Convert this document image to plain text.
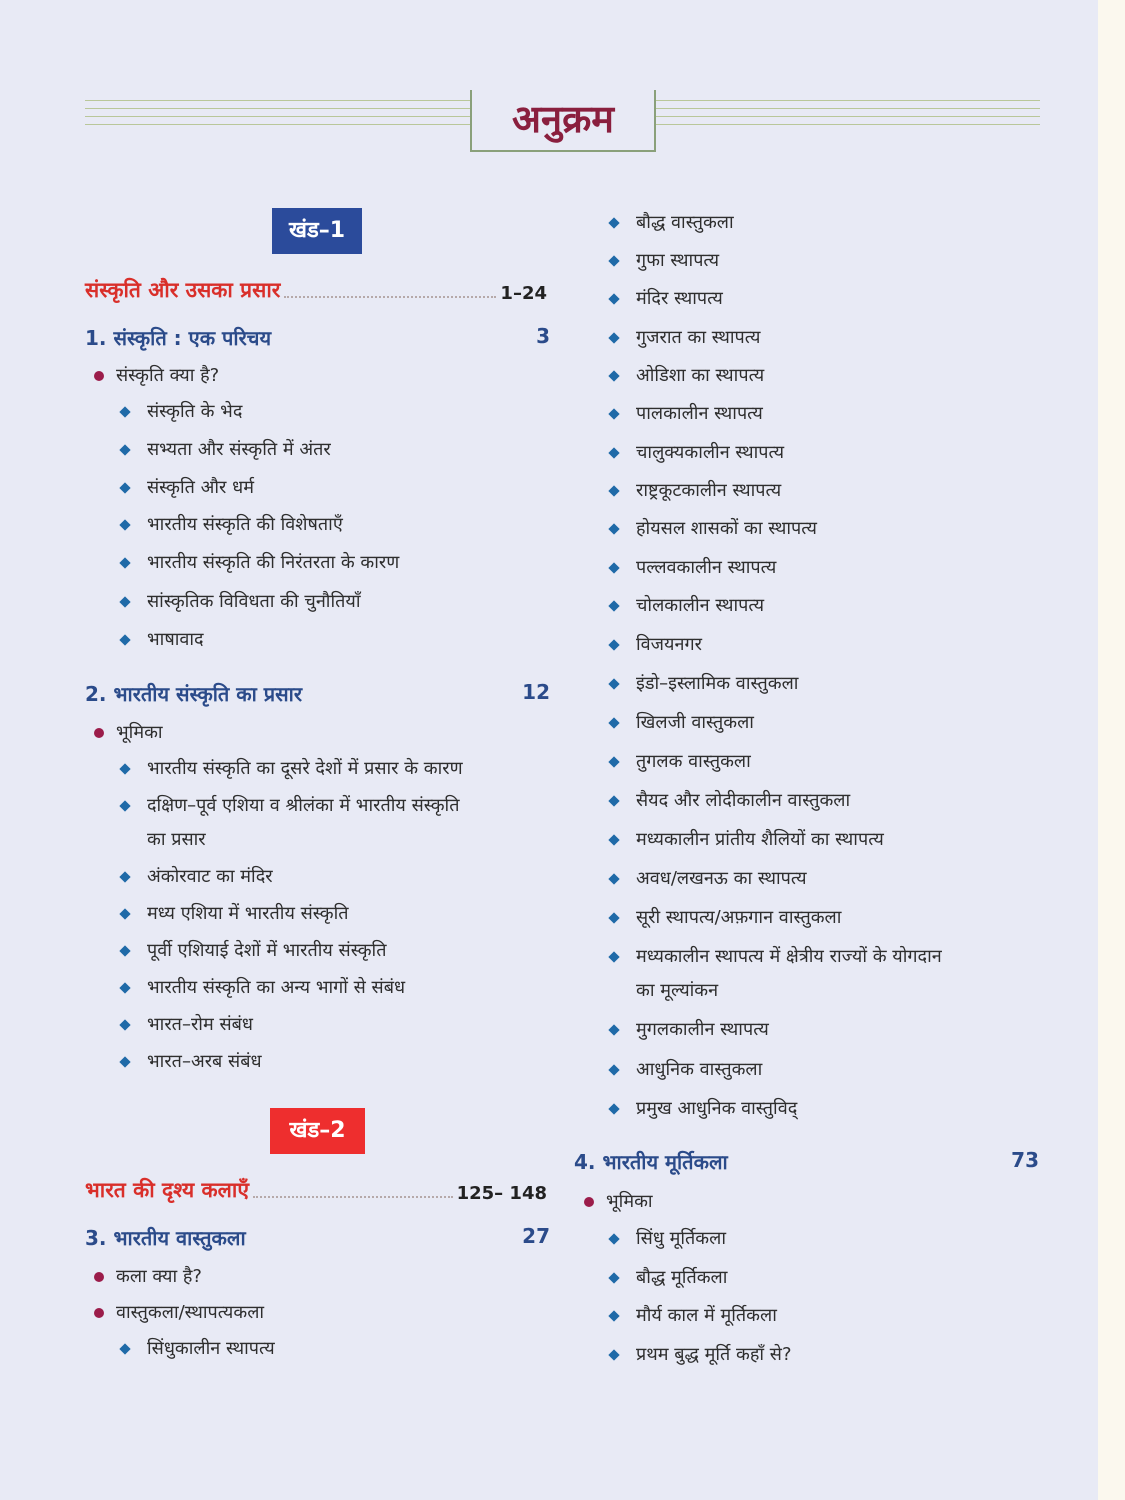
अनुक्रम
खंड–1
संस्कृति और उसका प्रसार	1–24
1. संस्कृति : एक परिचय	3
संस्कृति क्या है?
संस्कृति के भेद
सभ्यता और संस्कृति में अंतर
संस्कृति और धर्म
भारतीय संस्कृति की विशेषताएँ
भारतीय संस्कृति की निरंतरता के कारण
सांस्कृतिक विविधता की चुनौतियाँ
भाषावाद
2. भारतीय संस्कृति का प्रसार	12
भूमिका
भारतीय संस्कृति का दूसरे देशों में प्रसार के कारण
दक्षिण–पूर्व एशिया व श्रीलंका में भारतीय संस्कृति
का प्रसार
अंकोरवाट का मंदिर
मध्य एशिया में भारतीय संस्कृति
पूर्वी एशियाई देशों में भारतीय संस्कृति
भारतीय संस्कृति का अन्य भागों से संबंध
भारत–रोम संबंध
भारत–अरब संबंध
खंड–2
भारत की दृश्य कलाएँ	125– 148
3. भारतीय वास्तुकला	27
कला क्या है?
वास्तुकला/स्थापत्यकला
सिंधुकालीन स्थापत्य
बौद्ध वास्तुकला
गुफा स्थापत्य
मंदिर स्थापत्य
गुजरात का स्थापत्य
ओडिशा का स्थापत्य
पालकालीन स्थापत्य
चालुक्यकालीन स्थापत्य
राष्ट्रकूटकालीन स्थापत्य
होयसल शासकों का स्थापत्य
पल्लवकालीन स्थापत्य
चोलकालीन स्थापत्य
विजयनगर
इंडो–इस्लामिक वास्तुकला
खिलजी वास्तुकला
तुगलक वास्तुकला
सैयद और लोदीकालीन वास्तुकला
मध्यकालीन प्रांतीय शैलियों का स्थापत्य
अवध/लखनऊ का स्थापत्य
सूरी स्थापत्य/अफ़गान वास्तुकला
मध्यकालीन स्थापत्य में क्षेत्रीय राज्यों के योगदान
का मूल्यांकन
मुगलकालीन स्थापत्य
आधुनिक वास्तुकला
प्रमुख आधुनिक वास्तुविद्
4. भारतीय मूर्तिकला	73
भूमिका
सिंधु मूर्तिकला
बौद्ध मूर्तिकला
मौर्य काल में मूर्तिकला
प्रथम बुद्ध मूर्ति कहाँ से?
